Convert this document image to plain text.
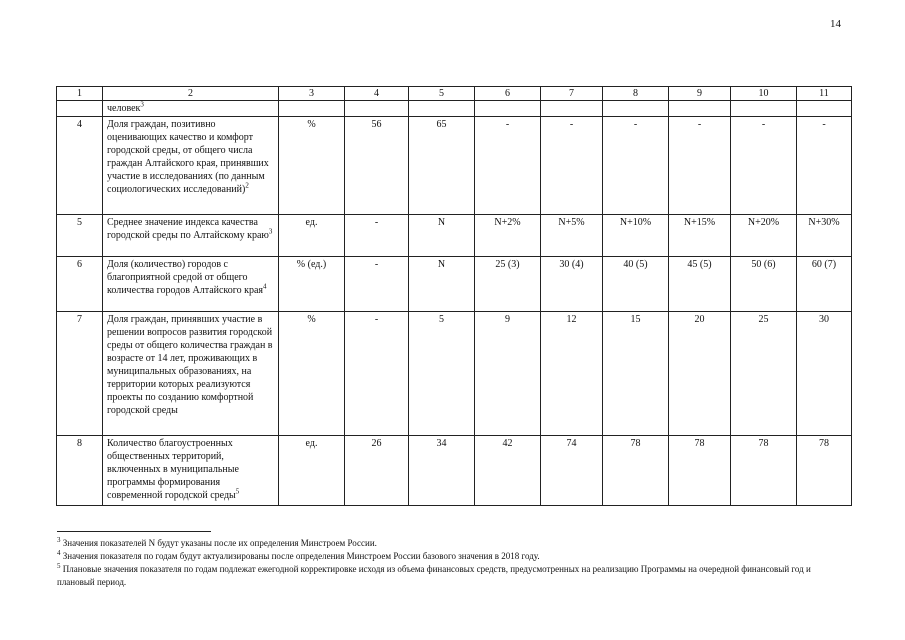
14
1	2	3	4	5	6	7	8	9	10	11
	человек$^3$									
4	Доля граждан, позитивно оценивающих качество и комфорт городской среды, от общего числа граждан Алтайского края, принявших участие в исследованиях (по данным социологических исследований)$^2$	%	56	65	-	-	-	-	-	-
5	Среднее значение индекса качества городской среды по Алтайскому краю$^3$	ед.	-	N	N+2%	N+5%	N+10%	N+15%	N+20%	N+30%
6	Доля (количество) городов с благоприятной средой от общего количества городов Алтайского края$^4$	% (ед.)	-	N	25 (3)	30 (4)	40 (5)	45 (5)	50 (6)	60 (7)
7	Доля граждан, принявших участие в решении вопросов развития городской среды от общего количества граждан в возрасте от 14 лет, проживающих в муниципальных образованиях, на территории которых реализуются проекты по созданию комфортной городской среды	%	-	5	9	12	15	20	25	30
8	Количество благоустроенных общественных территорий, включенных в муниципальные программы формирования современной городской среды$^5$	ед.	26	34	42	74	78	78	78	78

$^3$ Значения показателей N будут указаны после их определения Минстроем России.

$^4$ Значения показателя по годам будут актуализированы после определения Минстроем России базового значения в 2018 году.

$^5$ Плановые значения показателя по годам подлежат ежегодной корректировке исходя из объема финансовых средств, предусмотренных на реализацию Программы на очередной финансовый год и плановый период.
